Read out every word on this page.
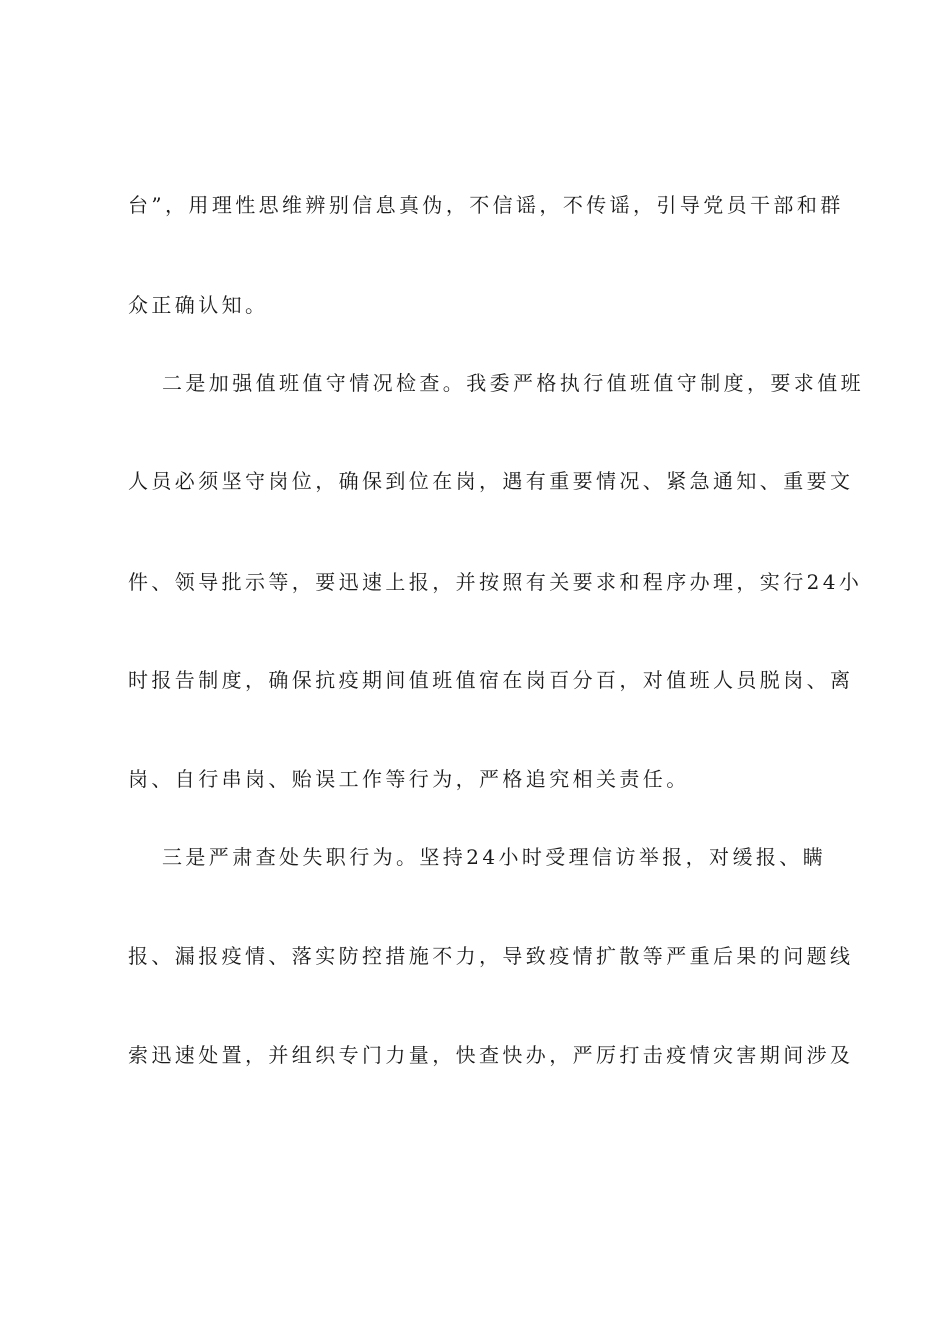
台”，用理性思维辨别信息真伪，不信谣，不传谣，引导党员干部和群
众正确认知。
二是加强值班值守情况检查。我委严格执行值班值守制度，要求值班
人员必须坚守岗位，确保到位在岗，遇有重要情况、紧急通知、重要文
件、领导批示等，要迅速上报，并按照有关要求和程序办理，实行24小
时报告制度，确保抗疫期间值班值宿在岗百分百，对值班人员脱岗、离
岗、自行串岗、贻误工作等行为，严格追究相关责任。
三是严肃查处失职行为。坚持24小时受理信访举报，对缓报、瞒
报、漏报疫情、落实防控措施不力，导致疫情扩散等严重后果的问题线
索迅速处置，并组织专门力量，快查快办，严厉打击疫情灾害期间涉及
